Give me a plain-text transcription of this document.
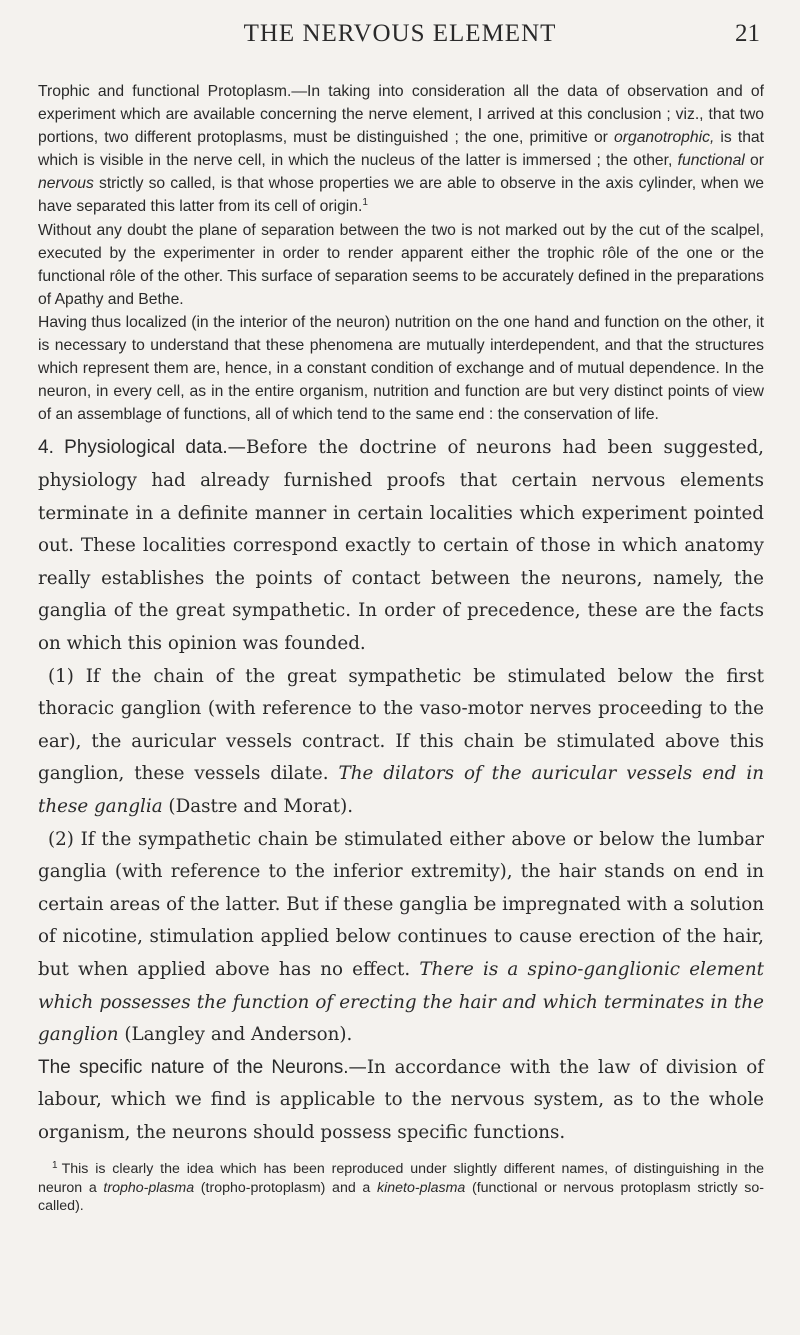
THE NERVOUS ELEMENT	21

Trophic and functional Protoplasm.—In taking into consideration all the data of observation and of experiment which are available concerning the nerve element, I arrived at this conclusion ; viz., that two portions, two different protoplasms, must be distinguished ; the one, primitive or organotrophic, is that which is visible in the nerve cell, in which the nucleus of the latter is immersed ; the other, functional or nervous strictly so called, is that whose properties we are able to observe in the axis cylinder, when we have separated this latter from its cell of origin.$^1$

Without any doubt the plane of separation between the two is not marked out by the cut of the scalpel, executed by the experimenter in order to render apparent either the trophic rôle of the one or the functional rôle of the other. This surface of separation seems to be accurately defined in the preparations of Apathy and Bethe.

Having thus localized (in the interior of the neuron) nutrition on the one hand and function on the other, it is necessary to understand that these phenomena are mutually interdependent, and that the structures which represent them are, hence, in a constant condition of exchange and of mutual dependence. In the neuron, in every cell, as in the entire organism, nutrition and function are but very distinct points of view of an assemblage of functions, all of which tend to the same end : the conservation of life.

4. Physiological data.—Before the doctrine of neurons had been suggested, physiology had already furnished proofs that certain nervous elements terminate in a definite manner in certain localities which experiment pointed out. These localities correspond exactly to certain of those in which anatomy really establishes the points of contact between the neurons, namely, the ganglia of the great sympathetic. In order of precedence, these are the facts on which this opinion was founded.

(1) If the chain of the great sympathetic be stimulated below the first thoracic ganglion (with reference to the vaso-motor nerves proceeding to the ear), the auricular vessels contract. If this chain be stimulated above this ganglion, these vessels dilate. The dilators of the auricular vessels end in these ganglia (Dastre and Morat).

(2) If the sympathetic chain be stimulated either above or below the lumbar ganglia (with reference to the inferior extremity), the hair stands on end in certain areas of the latter. But if these ganglia be impregnated with a solution of nicotine, stimulation applied below continues to cause erection of the hair, but when applied above has no effect. There is a spino-ganglionic element which possesses the function of erecting the hair and which terminates in the ganglion (Langley and Anderson).

The specific nature of the Neurons.—In accordance with the law of division of labour, which we find is applicable to the nervous system, as to the whole organism, the neurons should possess specific functions.

$^1$ This is clearly the idea which has been reproduced under slightly different names, of distinguishing in the neuron a tropho-plasma (tropho-protoplasm) and a kineto-plasma (functional or nervous protoplasm strictly so-called).
